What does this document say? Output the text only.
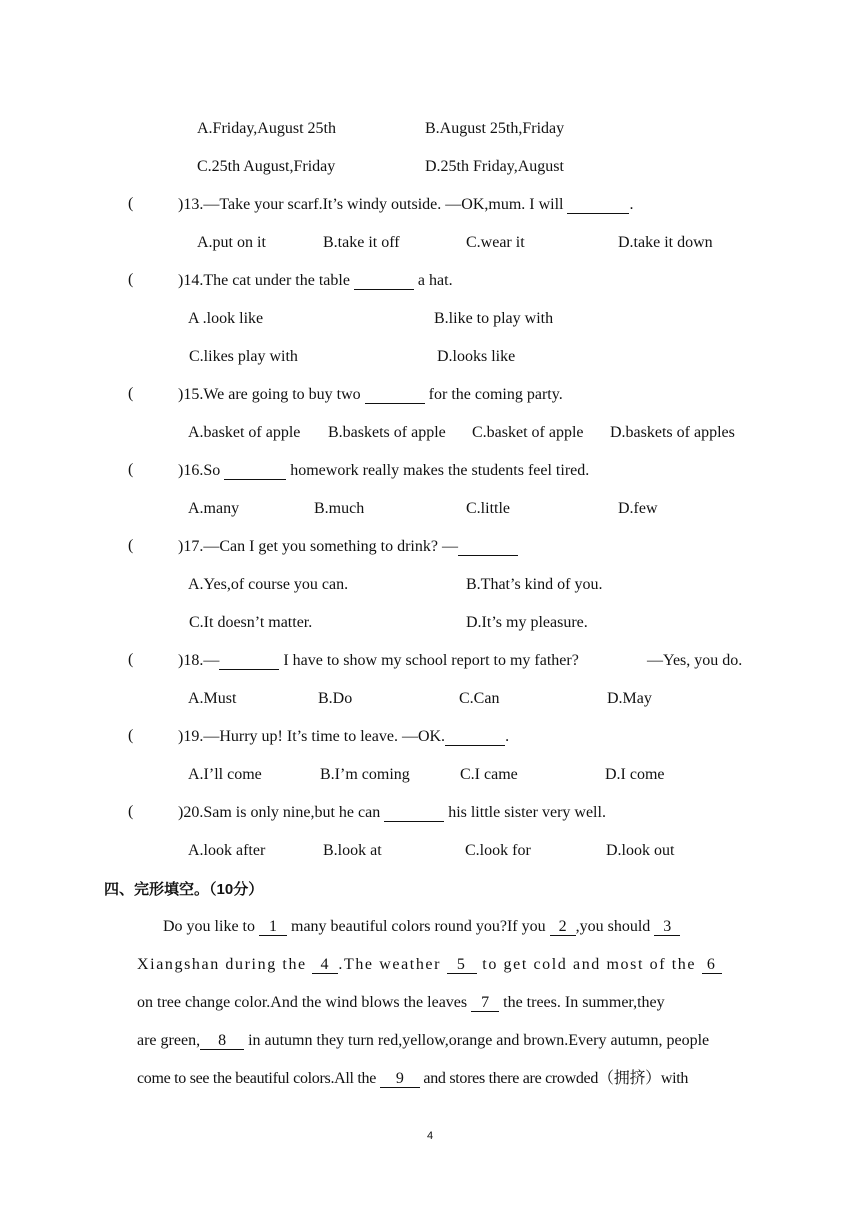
A.Friday,August 25th	B.August 25th,Friday
C.25th August,Friday	D.25th Friday,August
(	)13.—Take your scarf.It’s windy outside. —OK,mum. I will	.
A.put on it	B.take it off	C.wear it	D.take it down
(	)14.The cat under the table	a hat.
A .look like	B.like to play with
C.likes play with	D.looks like
(	)15.We are going to buy two	for the coming party.
A.basket of apple B.baskets of apple C.basket of apple D.baskets of apples
(	)16.So	homework really makes the students feel tired.
A.many	B.much	C.little	D.few
(	)17.—Can I get you something to drink? —
A.Yes,of course you can.	B.That’s kind of you.
C.It doesn’t matter.	D.It’s my pleasure.
(	)18.—	I have to show my school report to my father?	—Yes, you do.
A.Must	B.Do	C.Can	D.May
(	)19.—Hurry up! It’s time to leave. —OK.	.
A.I’ll come	B.I’m coming	C.I came	D.I come
(	)20.Sam is only nine,but he can	his little sister very well.
A.look after	B.look at	C.look for	D.look out
四、完形填空。（10分）
Do you like to 1 many beautiful colors round you?If you 2 ,you should 3
Xiangshan during the 4 .The weather 5 to get cold and most of the 6
on tree change color.And the wind blows the leaves 7 the trees. In summer,they
are green, 8 in autumn they turn red,yellow,orange and brown.Every autumn, people
come to see the beautiful colors.All the 9 and stores there are crowded（拥挤）with
4
